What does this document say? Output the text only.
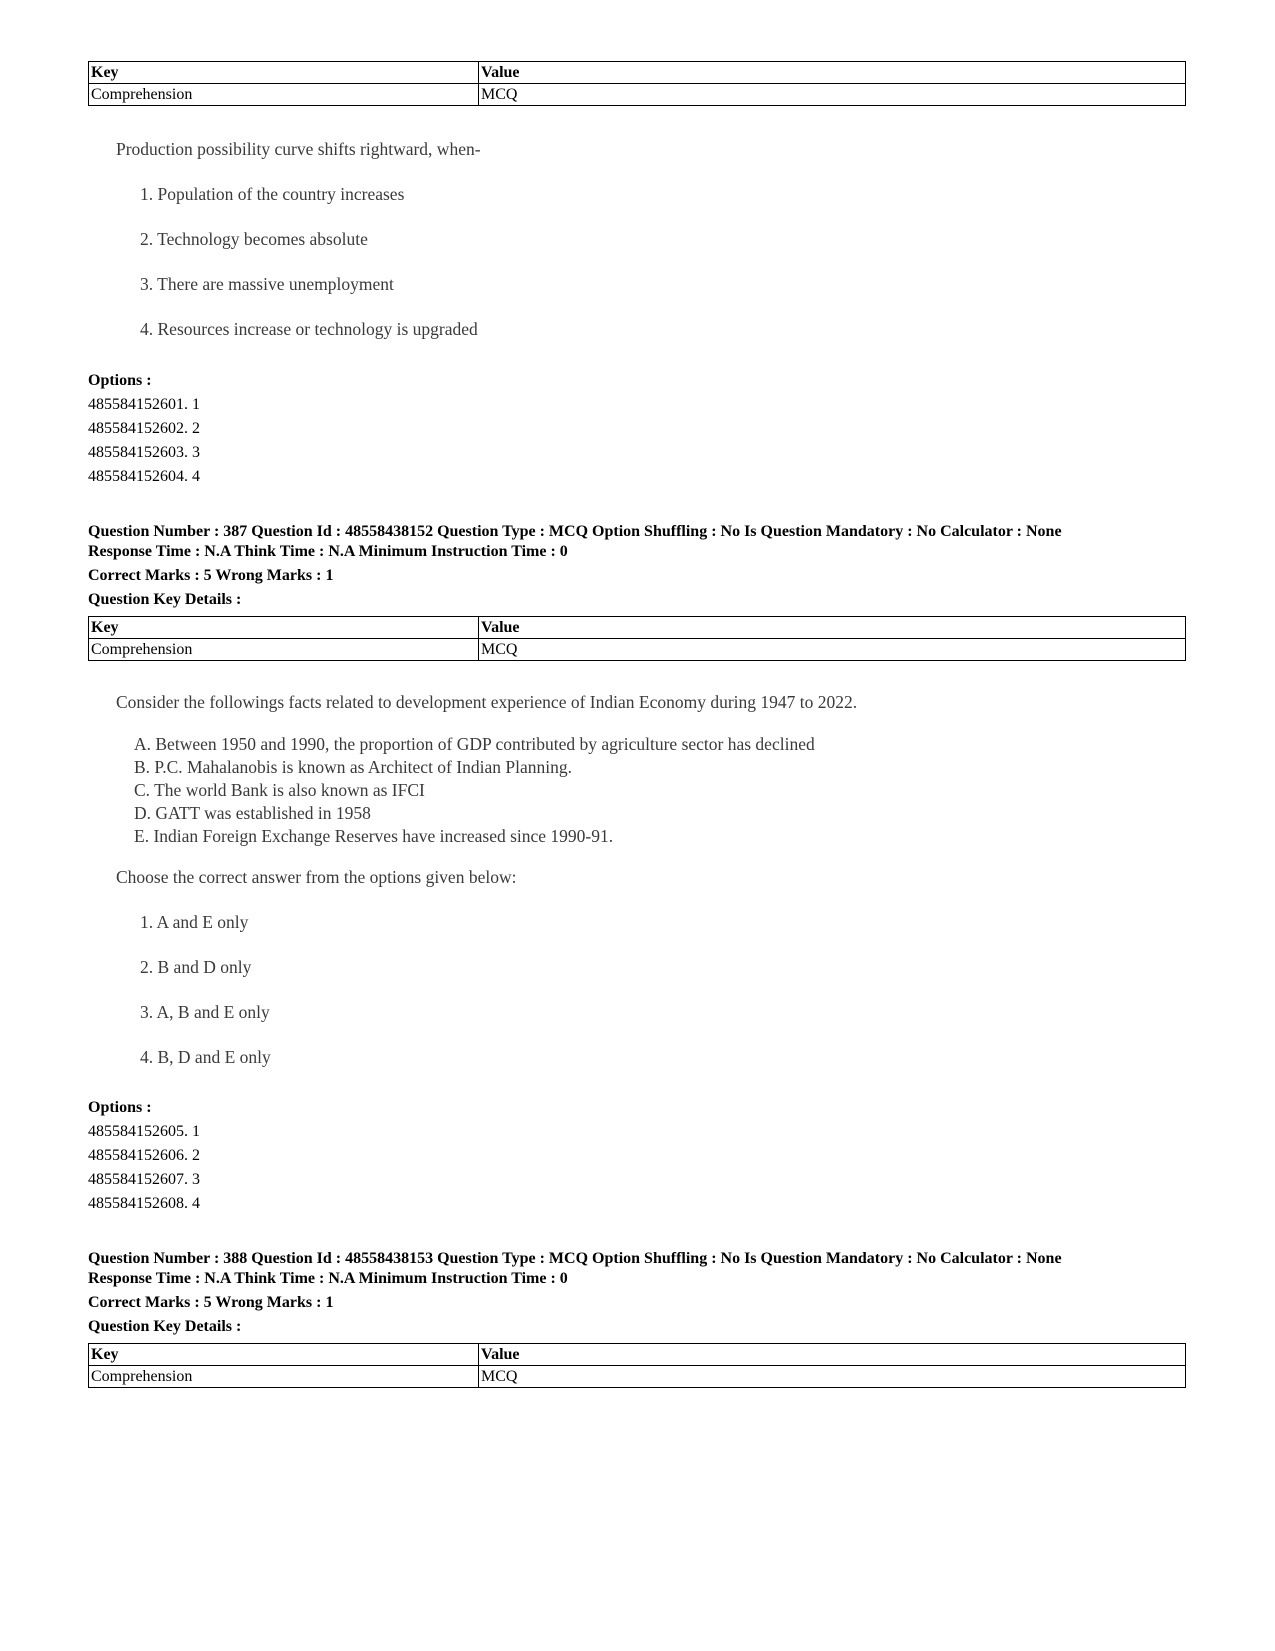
Key	Value
Comprehension	MCQ

Production possibility curve shifts rightward, when-

1. Population of the country increases
2. Technology becomes absolute
3. There are massive unemployment
4. Resources increase or technology is upgraded
Options :
485584152601. 1
485584152602. 2
485584152603. 3
485584152604. 4
Question Number : 387 Question Id : 48558438152 Question Type : MCQ Option Shuffling : No Is Question Mandatory : No Calculator : None
Response Time : N.A Think Time : N.A Minimum Instruction Time : 0
Correct Marks : 5 Wrong Marks : 1
Question Key Details :
Key	Value
Comprehension	MCQ

Consider the followings facts related to development experience of Indian Economy during 1947 to 2022.

A. Between 1950 and 1990, the proportion of GDP contributed by agriculture sector has declined
B. P.C. Mahalanobis is known as Architect of Indian Planning.
C. The world Bank is also known as IFCI
D. GATT was established in 1958
E. Indian Foreign Exchange Reserves have increased since 1990-91.
Choose the correct answer from the options given below:
1. A and E only
2. B and D only
3. A, B and E only
4. B, D and E only
Options :
485584152605. 1
485584152606. 2
485584152607. 3
485584152608. 4
Question Number : 388 Question Id : 48558438153 Question Type : MCQ Option Shuffling : No Is Question Mandatory : No Calculator : None
Response Time : N.A Think Time : N.A Minimum Instruction Time : 0
Correct Marks : 5 Wrong Marks : 1
Question Key Details :
Key	Value
Comprehension	MCQ
